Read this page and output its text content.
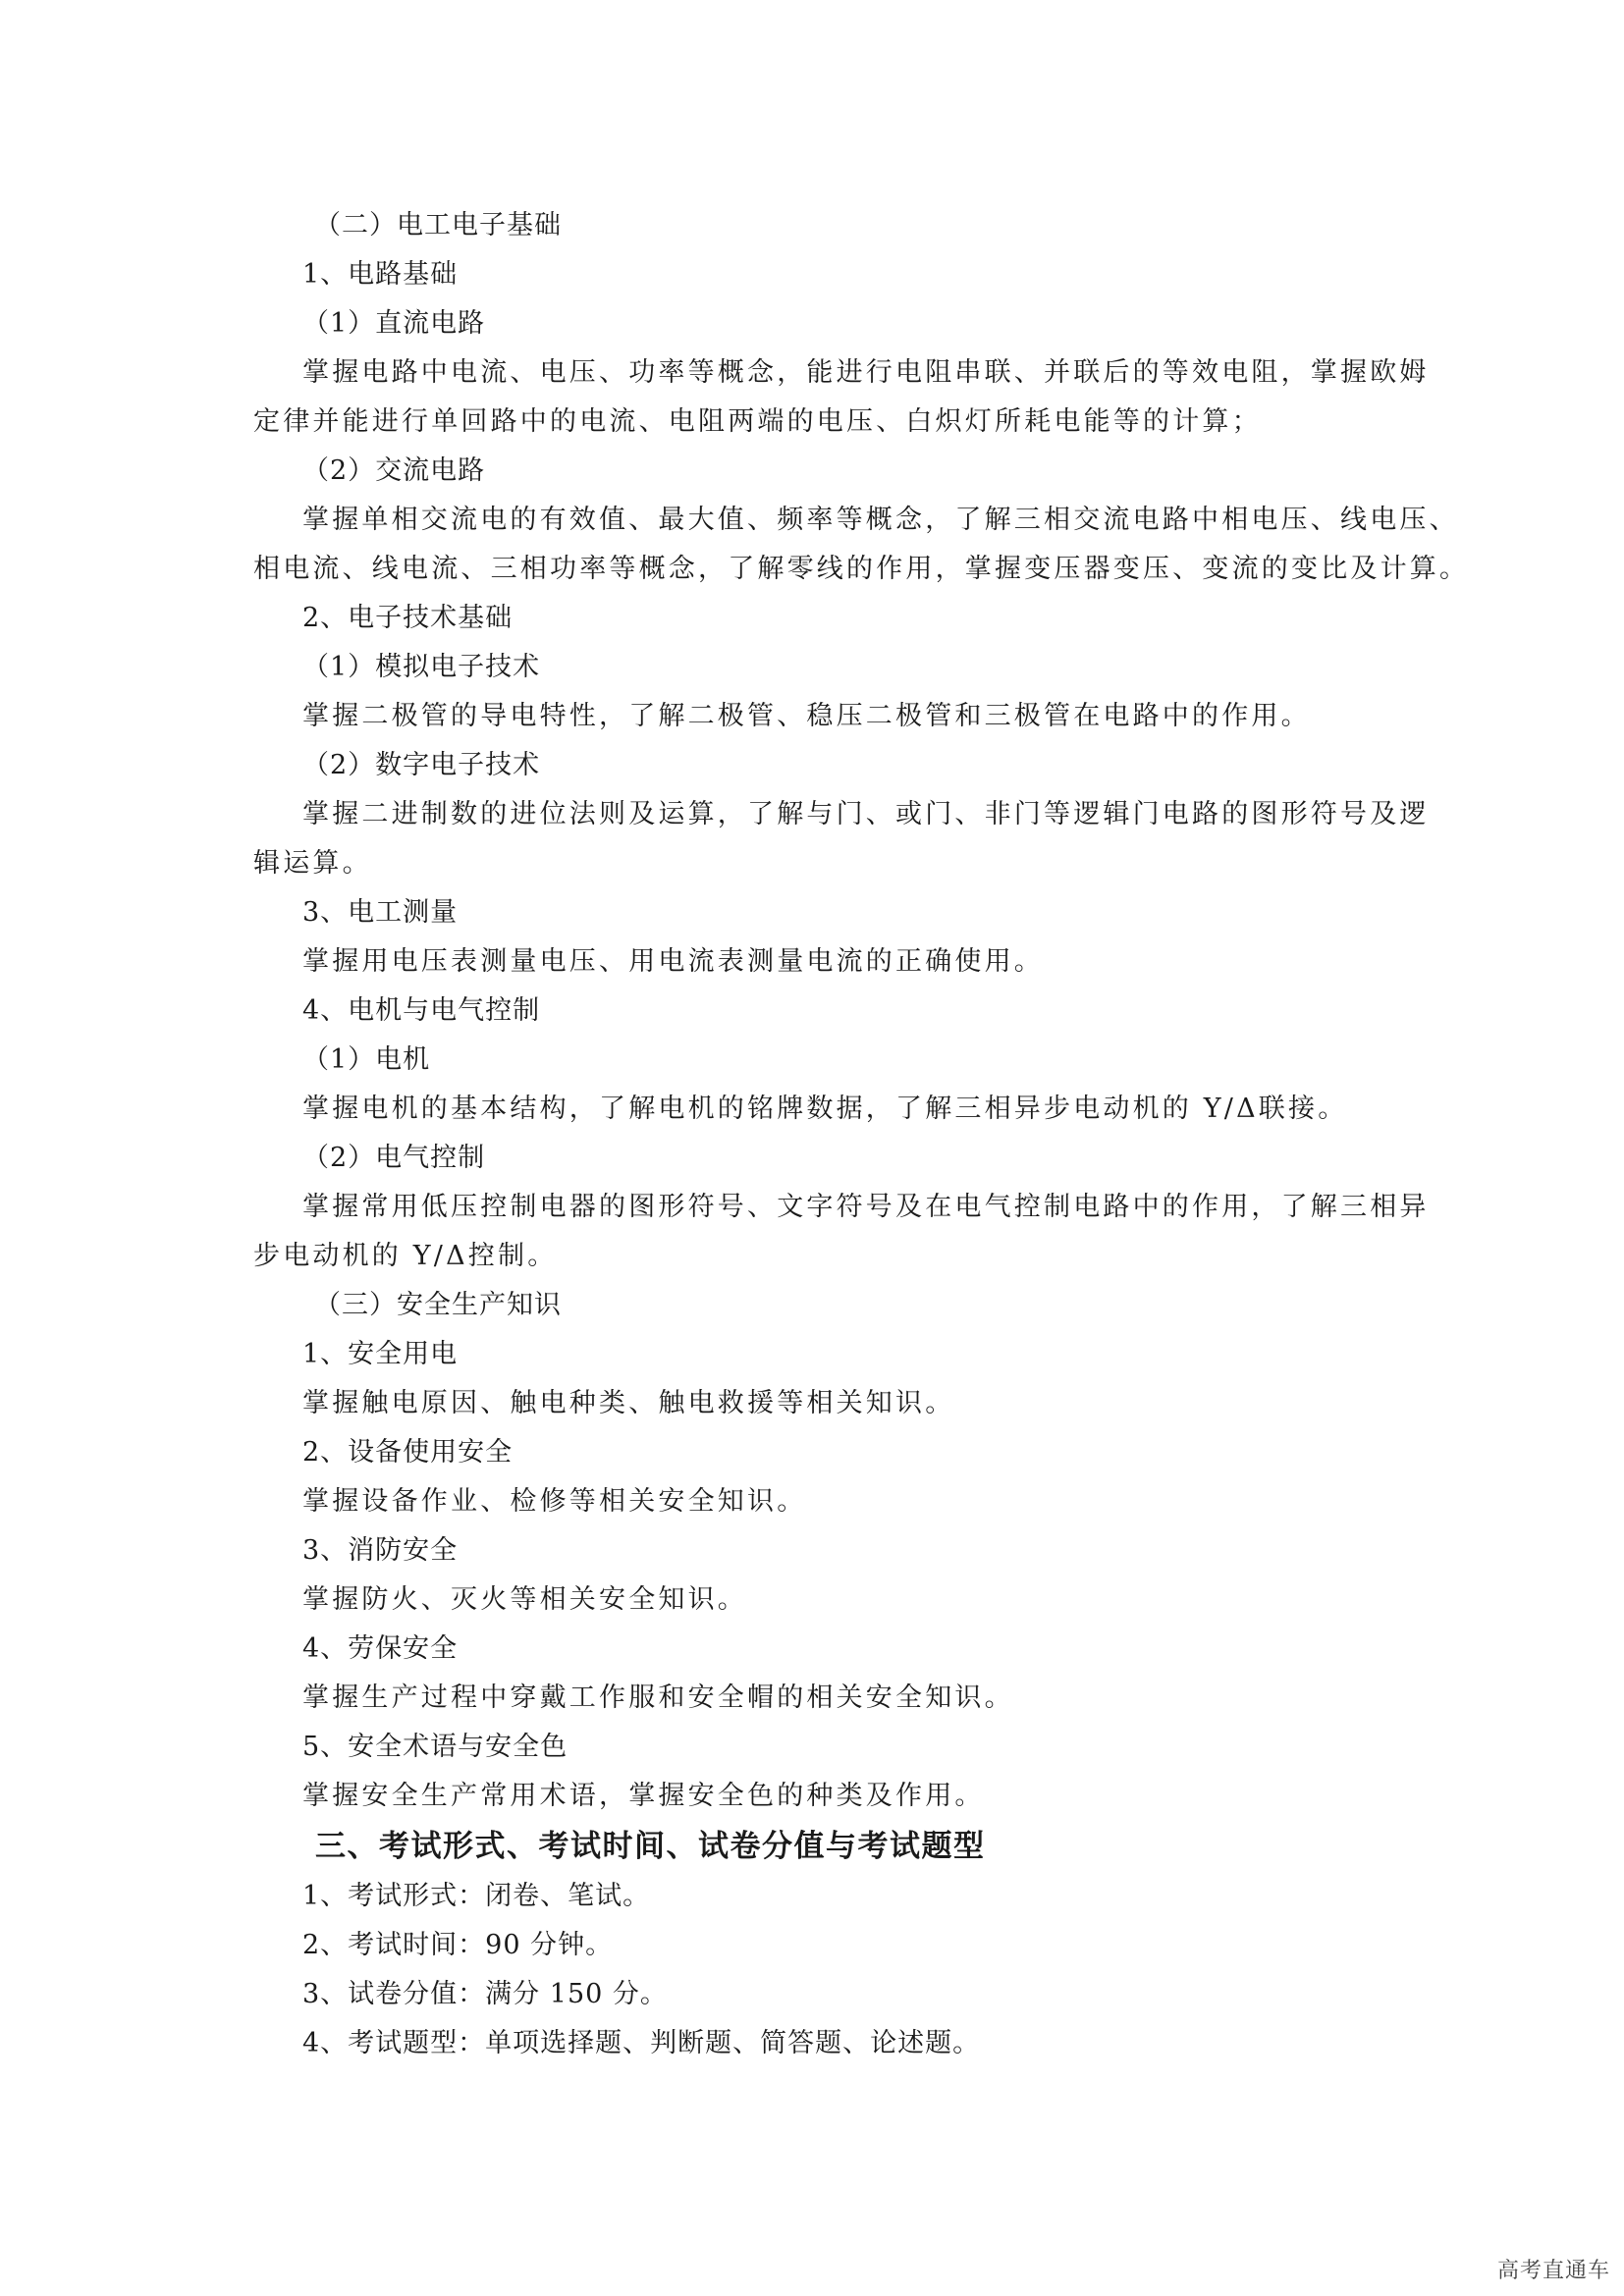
（二）电工电子基础
1、电路基础
（1）直流电路
掌握电路中电流、电压、功率等概念，能进行电阻串联、并联后的等效电阻，掌握欧姆
定律并能进行单回路中的电流、电阻两端的电压、白炽灯所耗电能等的计算；
（2）交流电路
掌握单相交流电的有效值、最大值、频率等概念，了解三相交流电路中相电压、线电压、
相电流、线电流、三相功率等概念，了解零线的作用，掌握变压器变压、变流的变比及计算。
2、电子技术基础
（1）模拟电子技术
掌握二极管的导电特性，了解二极管、稳压二极管和三极管在电路中的作用。
（2）数字电子技术
掌握二进制数的进位法则及运算，了解与门、或门、非门等逻辑门电路的图形符号及逻
辑运算。
3、电工测量
掌握用电压表测量电压、用电流表测量电流的正确使用。
4、电机与电气控制
（1）电机
掌握电机的基本结构，了解电机的铭牌数据，了解三相异步电动机的 Y/Δ联接。
（2）电气控制
掌握常用低压控制电器的图形符号、文字符号及在电气控制电路中的作用，了解三相异
步电动机的 Y/Δ控制。
（三）安全生产知识
1、安全用电
掌握触电原因、触电种类、触电救援等相关知识。
2、设备使用安全
掌握设备作业、检修等相关安全知识。
3、消防安全
掌握防火、灭火等相关安全知识。
4、劳保安全
掌握生产过程中穿戴工作服和安全帽的相关安全知识。
5、安全术语与安全色
掌握安全生产常用术语，掌握安全色的种类及作用。
三、考试形式、考试时间、试卷分值与考试题型
1、考试形式：闭卷、笔试。
2、考试时间：90 分钟。
3、试卷分值：满分 150 分。
4、考试题型：单项选择题、判断题、简答题、论述题。
高考直通车
